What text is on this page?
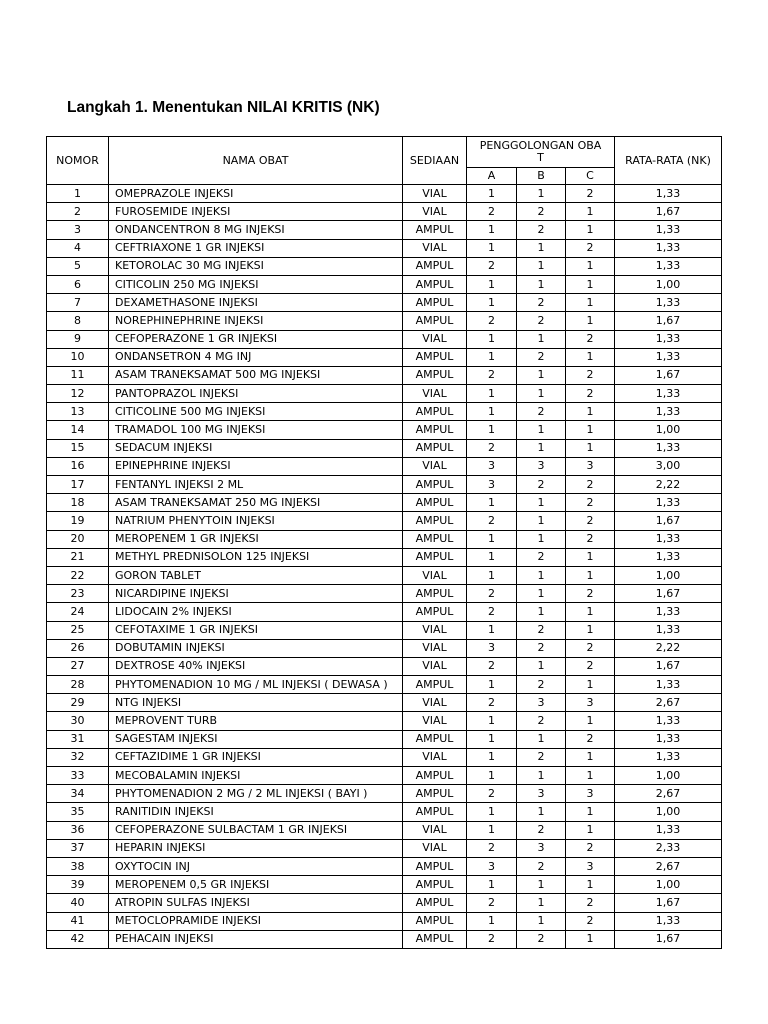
Langkah 1. Menentukan NILAI KRITIS (NK)
NOMOR	NAMA OBAT	SEDIAAN	PENGGOLONGAN OBAT			RATA-RATA (NK)
			A	B	C	
1	OMEPRAZOLE INJEKSI	VIAL	1	1	2	1,33
2	FUROSEMIDE INJEKSI	VIAL	2	2	1	1,67
3	ONDANCENTRON 8 MG INJEKSI	AMPUL	1	2	1	1,33
4	CEFTRIAXONE 1 GR INJEKSI	VIAL	1	1	2	1,33
5	KETOROLAC 30 MG INJEKSI	AMPUL	2	1	1	1,33
6	CITICOLIN 250 MG INJEKSI	AMPUL	1	1	1	1,00
7	DEXAMETHASONE INJEKSI	AMPUL	1	2	1	1,33
8	NOREPHINEPHRINE INJEKSI	AMPUL	2	2	1	1,67
9	CEFOPERAZONE 1 GR INJEKSI	VIAL	1	1	2	1,33
10	ONDANSETRON 4 MG INJ	AMPUL	1	2	1	1,33
11	ASAM TRANEKSAMAT 500 MG INJEKSI	AMPUL	2	1	2	1,67
12	PANTOPRAZOL INJEKSI	VIAL	1	1	2	1,33
13	CITICOLINE 500 MG INJEKSI	AMPUL	1	2	1	1,33
14	TRAMADOL 100 MG INJEKSI	AMPUL	1	1	1	1,00
15	SEDACUM INJEKSI	AMPUL	2	1	1	1,33
16	EPINEPHRINE INJEKSI	VIAL	3	3	3	3,00
17	FENTANYL INJEKSI 2 ML	AMPUL	3	2	2	2,22
18	ASAM TRANEKSAMAT 250 MG INJEKSI	AMPUL	1	1	2	1,33
19	NATRIUM PHENYTOIN INJEKSI	AMPUL	2	1	2	1,67
20	MEROPENEM 1 GR INJEKSI	AMPUL	1	1	2	1,33
21	METHYL PREDNISOLON 125 INJEKSI	AMPUL	1	2	1	1,33
22	GORON TABLET	VIAL	1	1	1	1,00
23	NICARDIPINE INJEKSI	AMPUL	2	1	2	1,67
24	LIDOCAIN 2% INJEKSI	AMPUL	2	1	1	1,33
25	CEFOTAXIME 1 GR INJEKSI	VIAL	1	2	1	1,33
26	DOBUTAMIN INJEKSI	VIAL	3	2	2	2,22
27	DEXTROSE 40% INJEKSI	VIAL	2	1	2	1,67
28	PHYTOMENADION 10 MG / ML INJEKSI ( DEWASA )	AMPUL	1	2	1	1,33
29	NTG INJEKSI	VIAL	2	3	3	2,67
30	MEPROVENT TURB	VIAL	1	2	1	1,33
31	SAGESTAM INJEKSI	AMPUL	1	1	2	1,33
32	CEFTAZIDIME 1 GR INJEKSI	VIAL	1	2	1	1,33
33	MECOBALAMIN INJEKSI	AMPUL	1	1	1	1,00
34	PHYTOMENADION 2 MG / 2 ML INJEKSI ( BAYI )	AMPUL	2	3	3	2,67
35	RANITIDIN INJEKSI	AMPUL	1	1	1	1,00
36	CEFOPERAZONE SULBACTAM 1 GR INJEKSI	VIAL	1	2	1	1,33
37	HEPARIN INJEKSI	VIAL	2	3	2	2,33
38	OXYTOCIN INJ	AMPUL	3	2	3	2,67
39	MEROPENEM 0,5 GR INJEKSI	AMPUL	1	1	1	1,00
40	ATROPIN SULFAS INJEKSI	AMPUL	2	1	2	1,67
41	METOCLOPRAMIDE INJEKSI	AMPUL	1	1	2	1,33
42	PEHACAIN INJEKSI	AMPUL	2	2	1	1,67
